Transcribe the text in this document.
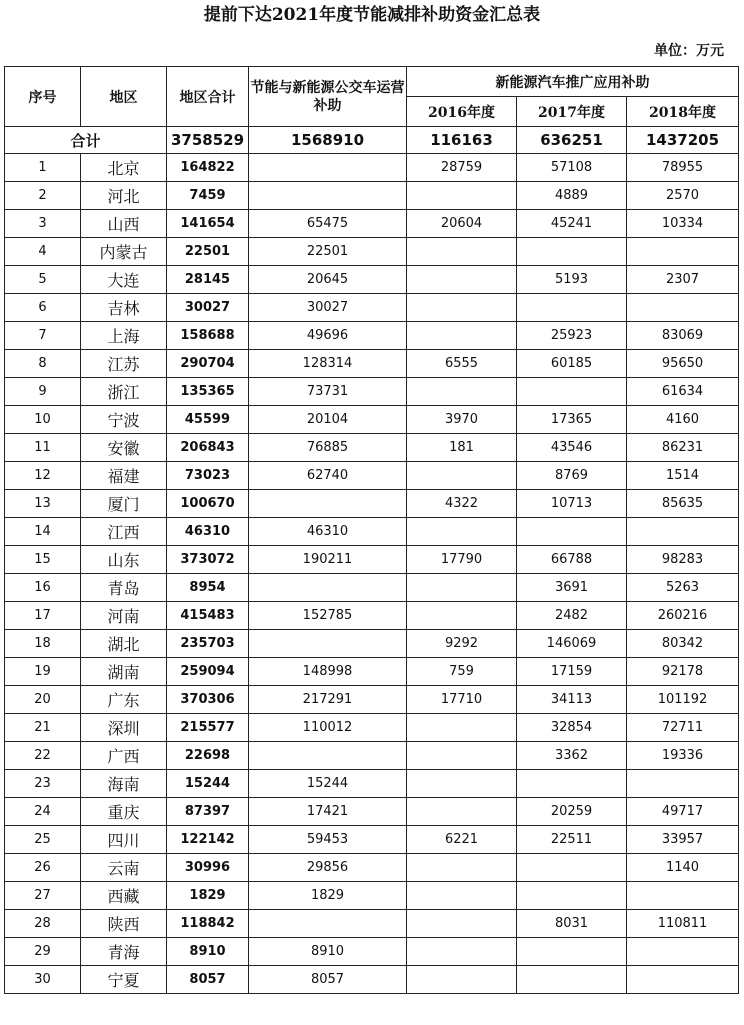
提前下达2021年度节能减排补助资金汇总表
单位：万元
序号	地区	地区合计	节能与新能源公交车运营补助	新能源汽车推广应用补助		
				2016年度	2017年度	2018年度
合计		3758529	1568910	116163	636251	1437205
1	北京	164822		28759	57108	78955
2	河北	7459			4889	2570
3	山西	141654	65475	20604	45241	10334
4	内蒙古	22501	22501			
5	大连	28145	20645		5193	2307
6	吉林	30027	30027			
7	上海	158688	49696		25923	83069
8	江苏	290704	128314	6555	60185	95650
9	浙江	135365	73731			61634
10	宁波	45599	20104	3970	17365	4160
11	安徽	206843	76885	181	43546	86231
12	福建	73023	62740		8769	1514
13	厦门	100670		4322	10713	85635
14	江西	46310	46310			
15	山东	373072	190211	17790	66788	98283
16	青岛	8954			3691	5263
17	河南	415483	152785		2482	260216
18	湖北	235703		9292	146069	80342
19	湖南	259094	148998	759	17159	92178
20	广东	370306	217291	17710	34113	101192
21	深圳	215577	110012		32854	72711
22	广西	22698			3362	19336
23	海南	15244	15244			
24	重庆	87397	17421		20259	49717
25	四川	122142	59453	6221	22511	33957
26	云南	30996	29856			1140
27	西藏	1829	1829			
28	陕西	118842			8031	110811
29	青海	8910	8910			
30	宁夏	8057	8057			
